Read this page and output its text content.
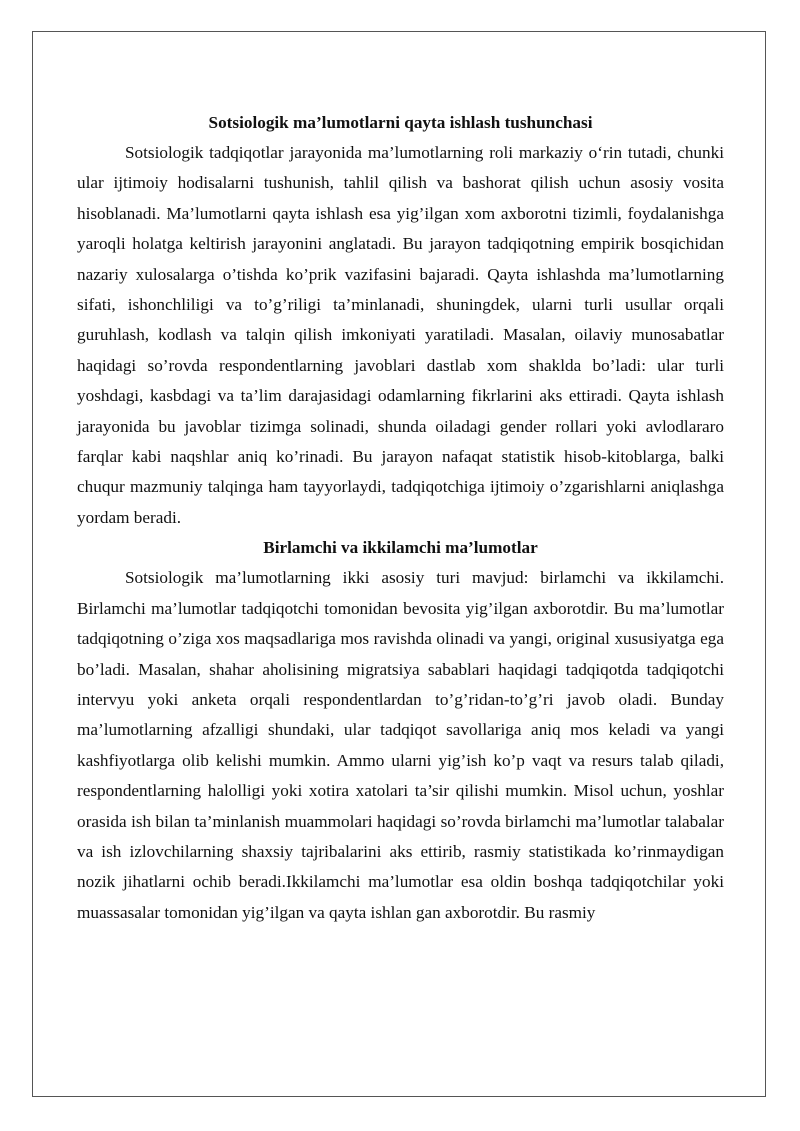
Sotsiologik ma’lumotlarni qayta ishlash tushunchasi

Sotsiologik tadqiqotlar jarayonida ma’lumotlarning roli markaziy o‘rin tutadi, chunki ular ijtimoiy hodisalarni tushunish, tahlil qilish va bashorat qilish uchun asosiy vosita hisoblanadi. Ma’lumotlarni qayta ishlash esa yig’ilgan xom axborotni tizimli, foydalanishga yaroqli holatga keltirish jarayonini anglatadi. Bu jarayon tadqiqotning empirik bosqichidan nazariy xulosalarga o’tishda ko’prik vazifasini bajaradi. Qayta ishlashda ma’lumotlarning sifati, ishonchliligi va to’g’riligi ta’minlanadi, shuningdek, ularni turli usullar orqali guruhlash, kodlash va talqin qilish imkoniyati yaratiladi. Masalan, oilaviy munosabatlar haqidagi so’rovda respondentlarning javoblari dastlab xom shaklda bo’ladi: ular turli yoshdagi, kasbdagi va ta’lim darajasidagi odamlarning fikrlarini aks ettiradi. Qayta ishlash jarayonida bu javoblar tizimga solinadi, shunda oiladagi gender rollari yoki avlodlararo farqlar kabi naqshlar aniq ko’rinadi. Bu jarayon nafaqat statistik hisob-kitoblarga, balki chuqur mazmuniy talqinga ham tayyorlaydi, tadqiqotchiga ijtimoiy o’zgarishlarni aniqlashga yordam beradi.

Birlamchi va ikkilamchi ma’lumotlar

Sotsiologik ma’lumotlarning ikki asosiy turi mavjud: birlamchi va ikkilamchi. Birlamchi ma’lumotlar tadqiqotchi tomonidan bevosita yig’ilgan axborotdir. Bu ma’lumotlar tadqiqotning o’ziga xos maqsadlariga mos ravishda olinadi va yangi, original xususiyatga ega bo’ladi. Masalan, shahar aholisining migratsiya sabablari haqidagi tadqiqotda tadqiqotchi intervyu yoki anketa orqali respondentlardan to’g’ridan-to’g’ri javob oladi. Bunday ma’lumotlarning afzalligi shundaki, ular tadqiqot savollariga aniq mos keladi va yangi kashfiyotlarga olib kelishi mumkin. Ammo ularni yig’ish ko’p vaqt va resurs talab qiladi, respondentlarning halolligi yoki xotira xatolari ta’sir qilishi mumkin. Misol uchun, yoshlar orasida ish bilan ta’minlanish muammolari haqidagi so’rovda birlamchi ma’lumotlar talabalar va ish izlovchilarning shaxsiy tajribalarini aks ettirib, rasmiy statistikada ko’rinmaydigan nozik jihatlarni ochib beradi.Ikkilamchi ma’lumotlar esa oldin boshqa tadqiqotchilar yoki muassasalar tomonidan yig’ilgan va qayta ishlan gan axborotdir. Bu rasmiy
